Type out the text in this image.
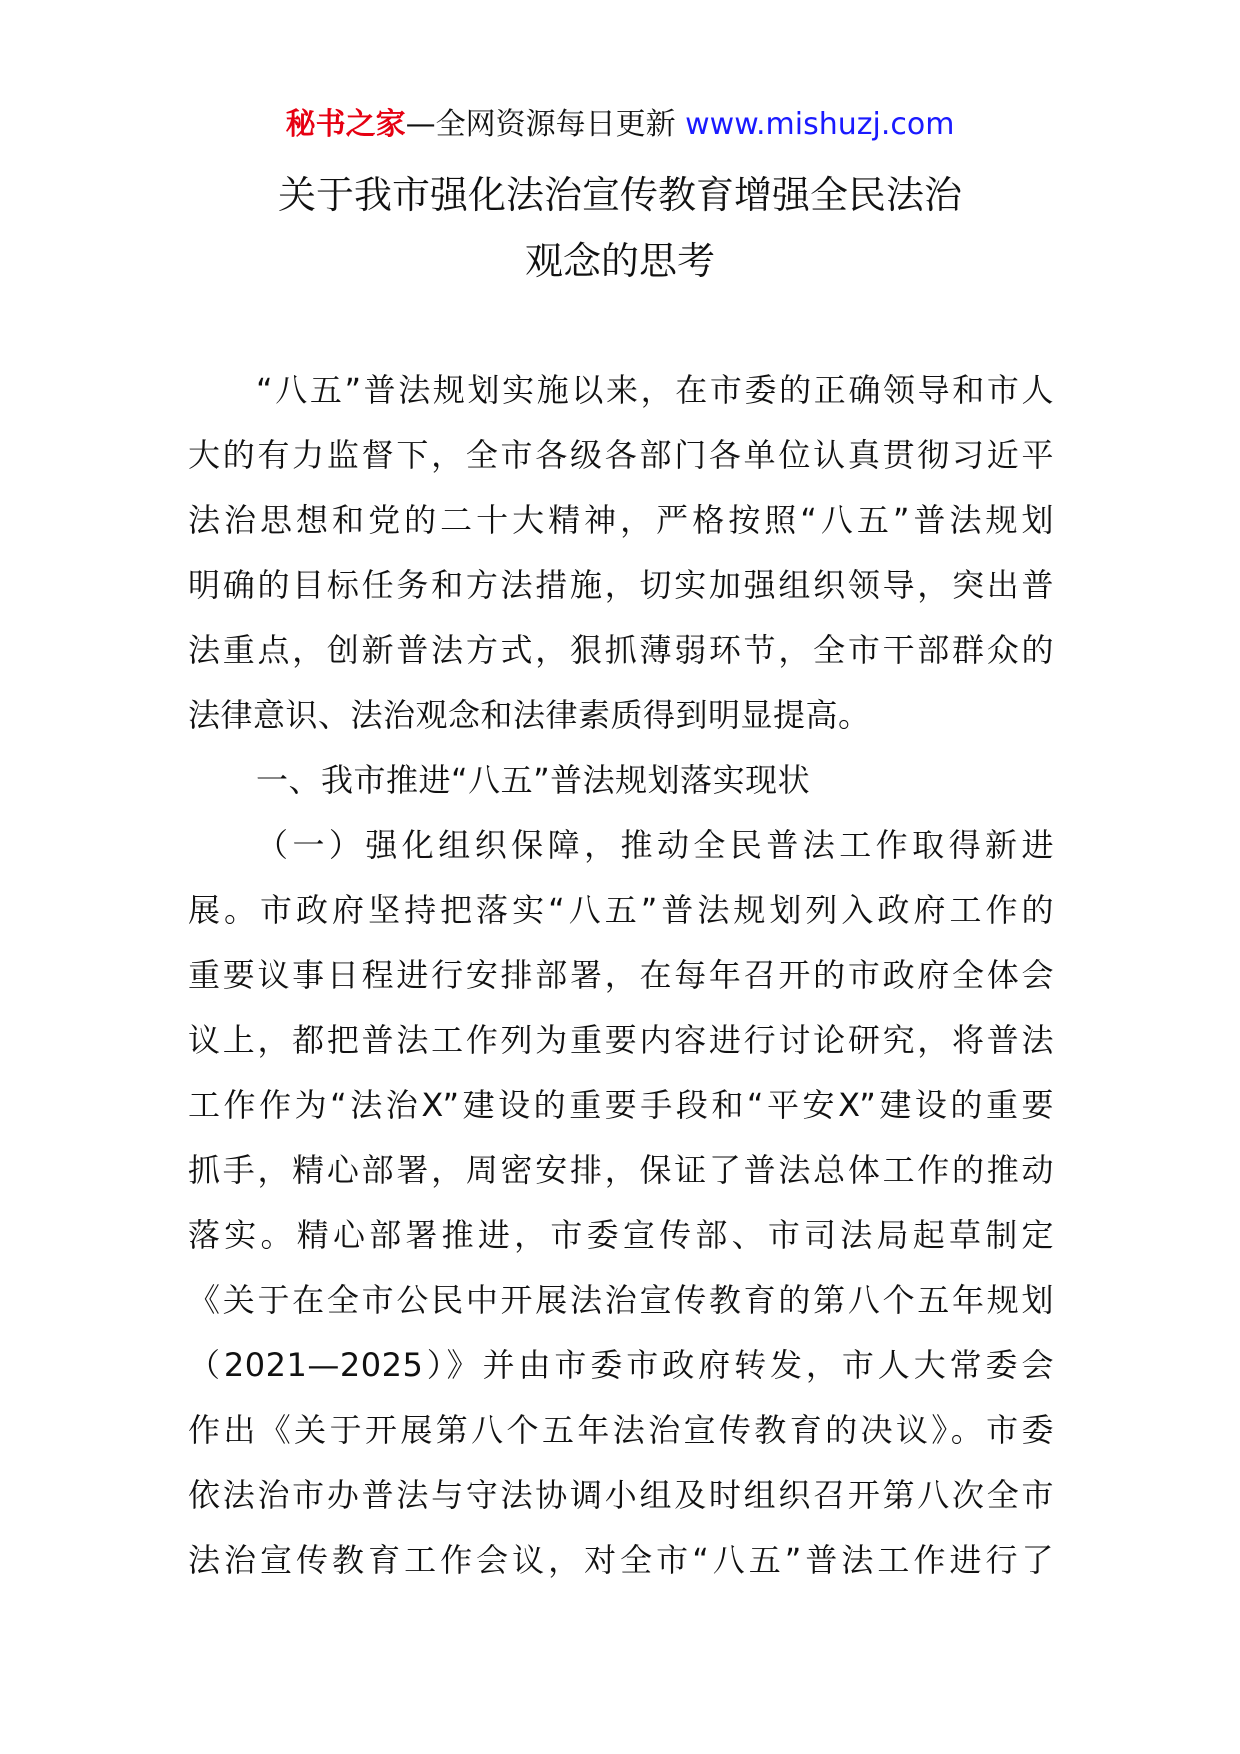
秘书之家—全网资源每日更新 www.mishuzj.com
关于我市强化法治宣传教育增强全民法治
观念的思考
“八五”普法规划实施以来，在市委的正确领导和市人
大的有力监督下，全市各级各部门各单位认真贯彻习近平
法治思想和党的二十大精神，严格按照“八五”普法规划
明确的目标任务和方法措施，切实加强组织领导，突出普
法重点，创新普法方式，狠抓薄弱环节，全市干部群众的
法律意识、法治观念和法律素质得到明显提高。
一、我市推进“八五”普法规划落实现状
（一）强化组织保障，推动全民普法工作取得新进
展。市政府坚持把落实“八五”普法规划列入政府工作的
重要议事日程进行安排部署，在每年召开的市政府全体会
议上，都把普法工作列为重要内容进行讨论研究，将普法
工作作为“法治X”建设的重要手段和“平安X”建设的重要
抓手，精心部署，周密安排，保证了普法总体工作的推动
落实。精心部署推进，市委宣传部、市司法局起草制定
《关于在全市公民中开展法治宣传教育的第八个五年规划
（2021—2025）》并由市委市政府转发，市人大常委会
作出《关于开展第八个五年法治宣传教育的决议》。市委
依法治市办普法与守法协调小组及时组织召开第八次全市
法治宣传教育工作会议，对全市“八五”普法工作进行了
